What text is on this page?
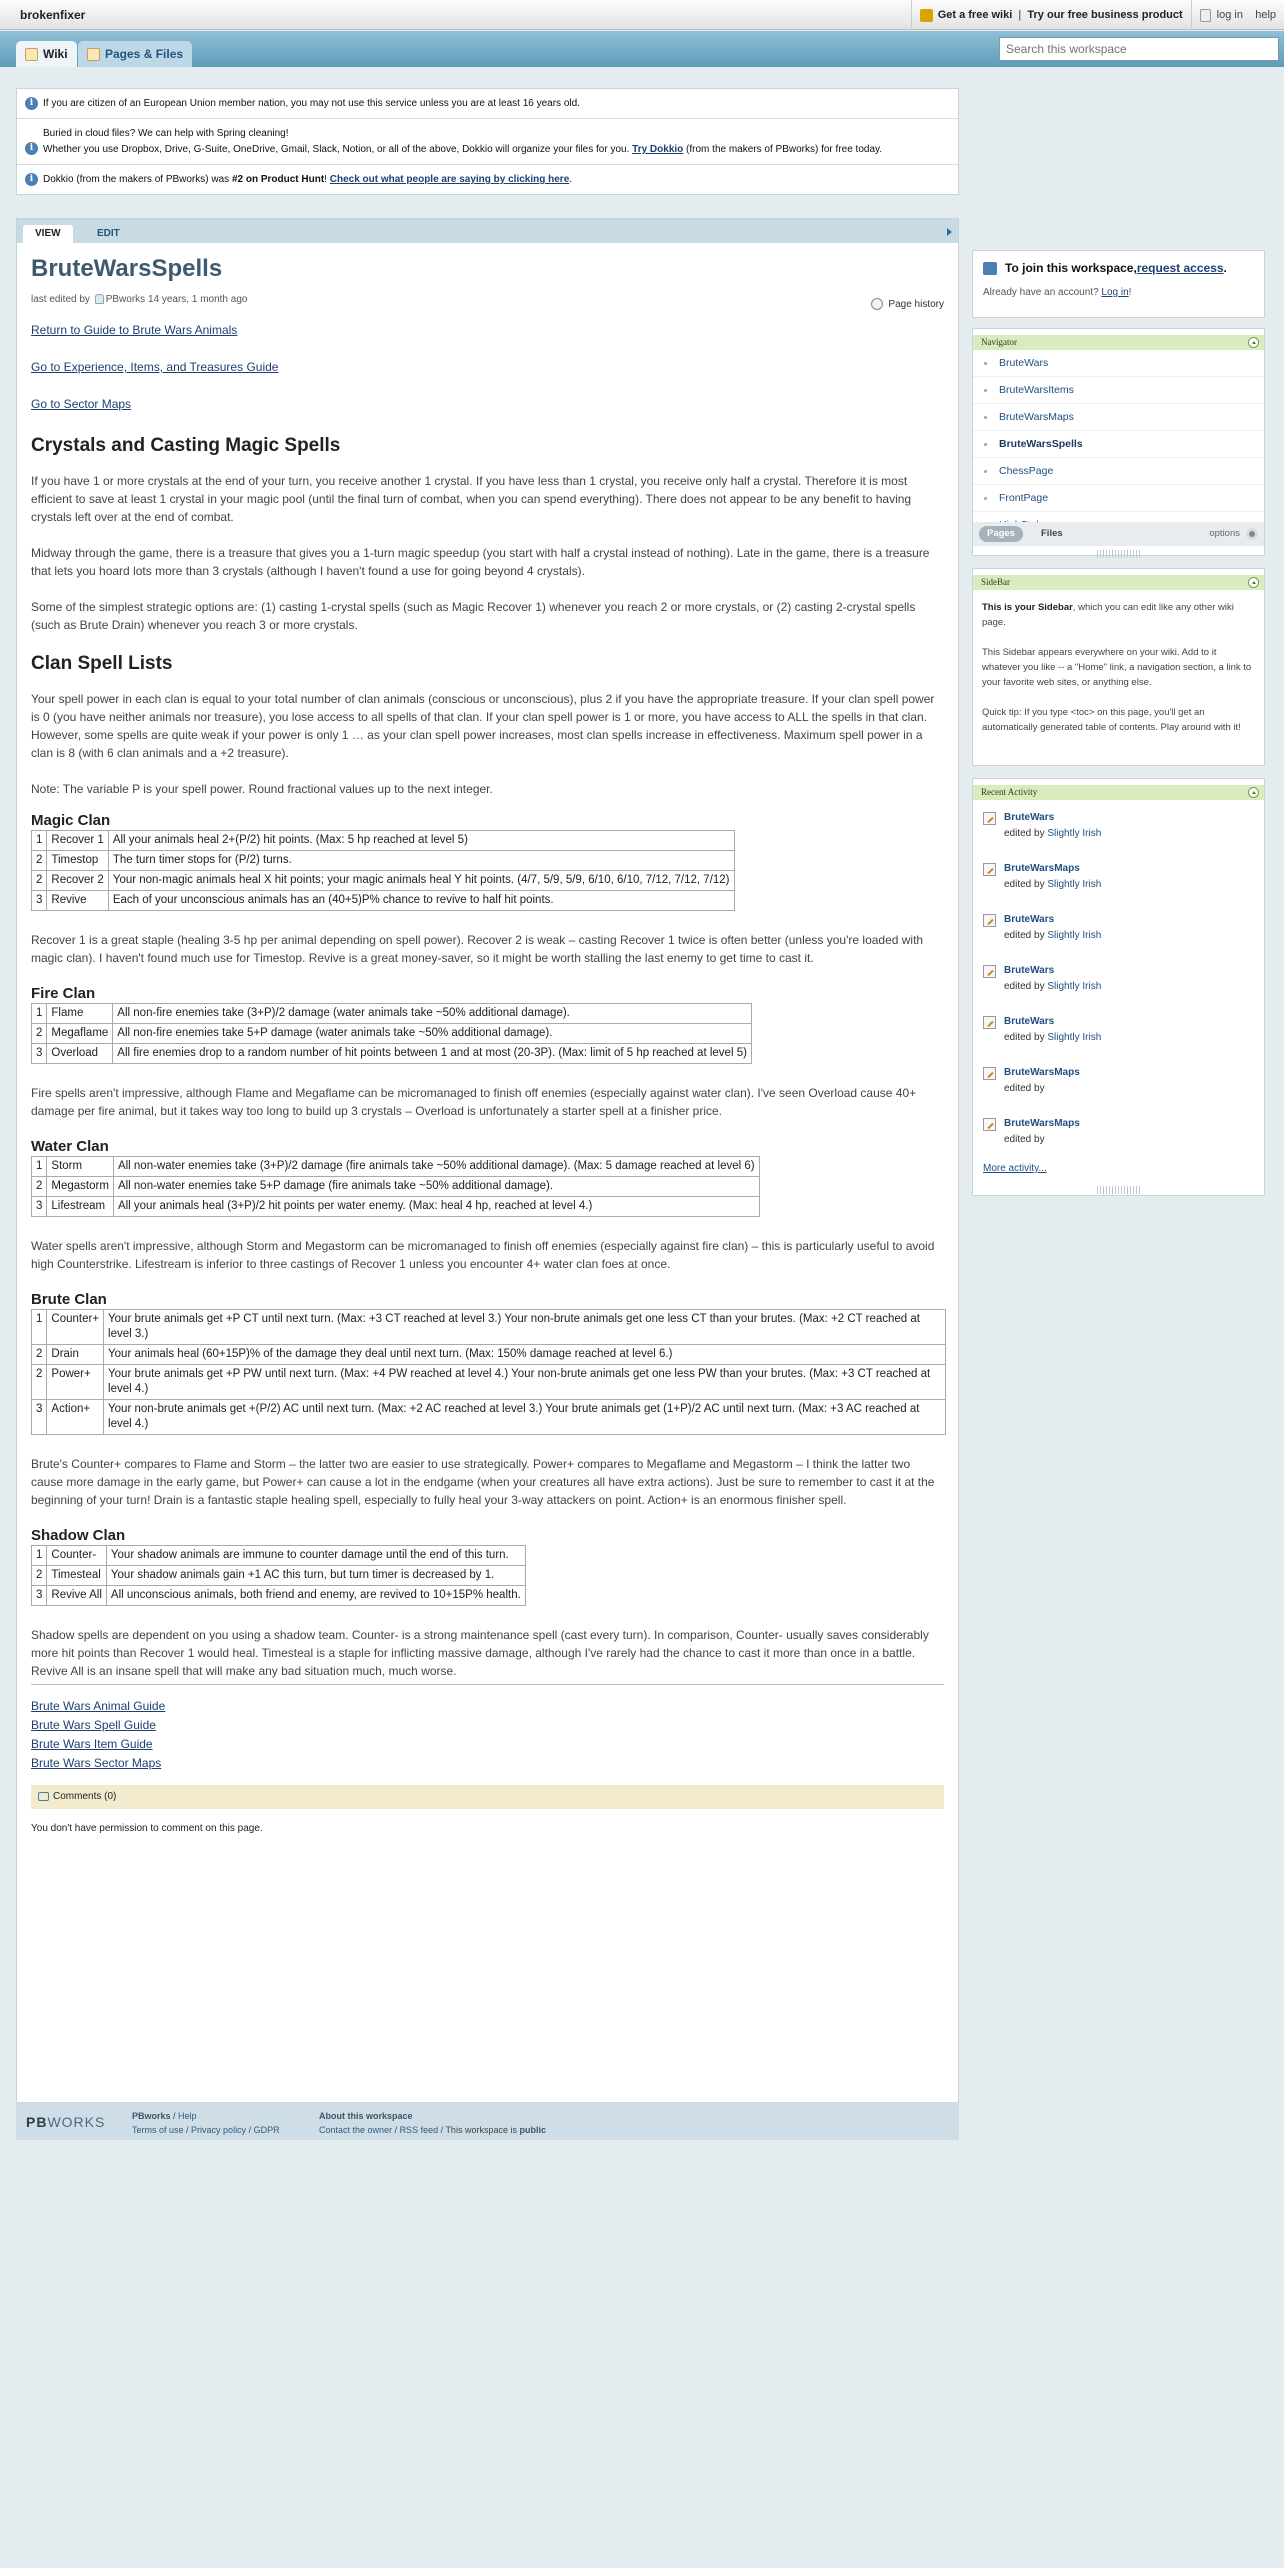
brokenfixer	Get a free wiki
|
Try our free business product	log in
help
Wiki	Pages & Files
Search this workspace
i If you are citizen of an European Union member nation, you may not use this service unless you are at least 16 years old.

i

Buried in cloud files? We can help with Spring cleaning!

Whether you use Dropbox, Drive, G-Suite, OneDrive, Gmail, Slack, Notion, or all of the above, Dokkio will organize your files for you. Try Dokkio (from the makers of PBworks) for free today.

i Dokkio (from the makers of PBworks) was #2 on Product Hunt! Check out what people are saying by clicking here.

VIEW	EDIT
BruteWarsSpells
last edited by PBworks 14 years, 1 month ago	Page history
Return to Guide to Brute Wars Animals
Go to Experience, Items, and Treasures Guide
Go to Sector Maps
Crystals and Casting Magic Spells

If you have 1 or more crystals at the end of your turn, you receive another 1 crystal. If you have less than 1 crystal, you receive only half a crystal. Therefore it is most efficient to save at least 1 crystal in your magic pool (until the final turn of combat, when you can spend everything). There does not appear to be any benefit to having crystals left over at the end of combat.

Midway through the game, there is a treasure that gives you a 1-turn magic speedup (you start with half a crystal instead of nothing). Late in the game, there is a treasure that lets you hoard lots more than 3 crystals (although I haven't found a use for going beyond 4 crystals).

Some of the simplest strategic options are: (1) casting 1-crystal spells (such as Magic Recover 1) whenever you reach 2 or more crystals, or (2) casting 2-crystal spells (such as Brute Drain) whenever you reach 3 or more crystals.

Clan Spell Lists

Your spell power in each clan is equal to your total number of clan animals (conscious or unconscious), plus 2 if you have the appropriate treasure. If your clan spell power is 0 (you have neither animals nor treasure), you lose access to all spells of that clan. If your clan spell power is 1 or more, you have access to ALL the spells in that clan. However, some spells are quite weak if your power is only 1 … as your clan spell power increases, most clan spells increase in effectiveness. Maximum spell power in a clan is 8 (with 6 clan animals and a +2 treasure).

Note: The variable P is your spell power. Round fractional values up to the next integer.

Magic Clan
1	Recover 1	All your animals heal 2+(P/2) hit points. (Max: 5 hp reached at level 5)
2	Timestop	The turn timer stops for (P/2) turns.
2	Recover 2	Your non-magic animals heal X hit points; your magic animals heal Y hit points. (4/7, 5/9, 5/9, 6/10, 6/10, 7/12, 7/12, 7/12)
3	Revive	Each of your unconscious animals has an (40+5)P% chance to revive to half hit points.

Recover 1 is a great staple (healing 3-5 hp per animal depending on spell power). Recover 2 is weak – casting Recover 1 twice is often better (unless you're loaded with magic clan). I haven't found much use for Timestop. Revive is a great money-saver, so it might be worth stalling the last enemy to get time to cast it.

Fire Clan
1	Flame	All non-fire enemies take (3+P)/2 damage (water animals take ~50% additional damage).
2	Megaflame	All non-fire enemies take 5+P damage (water animals take ~50% additional damage).
3	Overload	All fire enemies drop to a random number of hit points between 1 and at most (20-3P). (Max: limit of 5 hp reached at level 5)

Fire spells aren't impressive, although Flame and Megaflame can be micromanaged to finish off enemies (especially against water clan). I've seen Overload cause 40+ damage per fire animal, but it takes way too long to build up 3 crystals – Overload is unfortunately a starter spell at a finisher price.

Water Clan
1	Storm	All non-water enemies take (3+P)/2 damage (fire animals take ~50% additional damage). (Max: 5 damage reached at level 6)
2	Megastorm	All non-water enemies take 5+P damage (fire animals take ~50% additional damage).
3	Lifestream	All your animals heal (3+P)/2 hit points per water enemy. (Max: heal 4 hp, reached at level 4.)

Water spells aren't impressive, although Storm and Megastorm can be micromanaged to finish off enemies (especially against fire clan) – this is particularly useful to avoid high Counterstrike. Lifestream is inferior to three castings of Recover 1 unless you encounter 4+ water clan foes at once.

Brute Clan
1	Counter+	Your brute animals get +P CT until next turn. (Max: +3 CT reached at level 3.) Your non-brute animals get one less CT than your brutes. (Max: +2 CT reached at level 3.)
2	Drain	Your animals heal (60+15P)% of the damage they deal until next turn. (Max: 150% damage reached at level 6.)
2	Power+	Your brute animals get +P PW until next turn. (Max: +4 PW reached at level 4.) Your non-brute animals get one less PW than your brutes. (Max: +3 CT reached at level 4.)
3	Action+	Your non-brute animals get +(P/2) AC until next turn. (Max: +2 AC reached at level 3.) Your brute animals get (1+P)/2 AC until next turn. (Max: +3 AC reached at level 4.)

Brute's Counter+ compares to Flame and Storm – the latter two are easier to use strategically. Power+ compares to Megaflame and Megastorm – I think the latter two cause more damage in the early game, but Power+ can cause a lot in the endgame (when your creatures all have extra actions). Just be sure to remember to cast it at the beginning of your turn! Drain is a fantastic staple healing spell, especially to fully heal your 3-way attackers on point. Action+ is an enormous finisher spell.

Shadow Clan
1	Counter-	Your shadow animals are immune to counter damage until the end of this turn.
2	Timesteal	Your shadow animals gain +1 AC this turn, but turn timer is decreased by 1.
3	Revive All	All unconscious animals, both friend and enemy, are revived to 10+15P% health.

Shadow spells are dependent on you using a shadow team. Counter- is a strong maintenance spell (cast every turn). In comparison, Counter- usually saves considerably more hit points than Recover 1 would heal. Timesteal is a staple for inflicting massive damage, although I've rarely had the chance to cast it more than once in a battle. Revive All is an insane spell that will make any bad situation much, much worse.

Brute Wars Animal Guide
Brute Wars Spell Guide
Brute Wars Item Guide
Brute Wars Sector Maps
Comments (0)
You don't have permission to comment on this page.
PBWORKS	PBworks / Help
Terms of use / Privacy policy / GDPR
About this workspace
Contact the owner / RSS feed / This workspace is public
To join this workspace, request access .
Already have an account? Log in!
Navigator
BruteWars
BruteWarsItems
BruteWarsMaps
BruteWarsSpells
ChessPage
FrontPage
Pages	Files	options
SideBar

This is your Sidebar, which you can edit like any other wiki page.

This Sidebar appears everywhere on your wiki. Add to it whatever you like -- a "Home" link, a navigation section, a link to your favorite web sites, or anything else.

Quick tip: If you type <toc> on this page, you'll get an automatically generated table of contents. Play around with it!

Recent Activity
BruteWars
edited by Slightly Irish
BruteWarsMaps
edited by Slightly Irish
BruteWars
edited by Slightly Irish
BruteWars
edited by Slightly Irish
BruteWars
edited by Slightly Irish
BruteWarsMaps
edited by
BruteWarsMaps
edited by
More activity...
